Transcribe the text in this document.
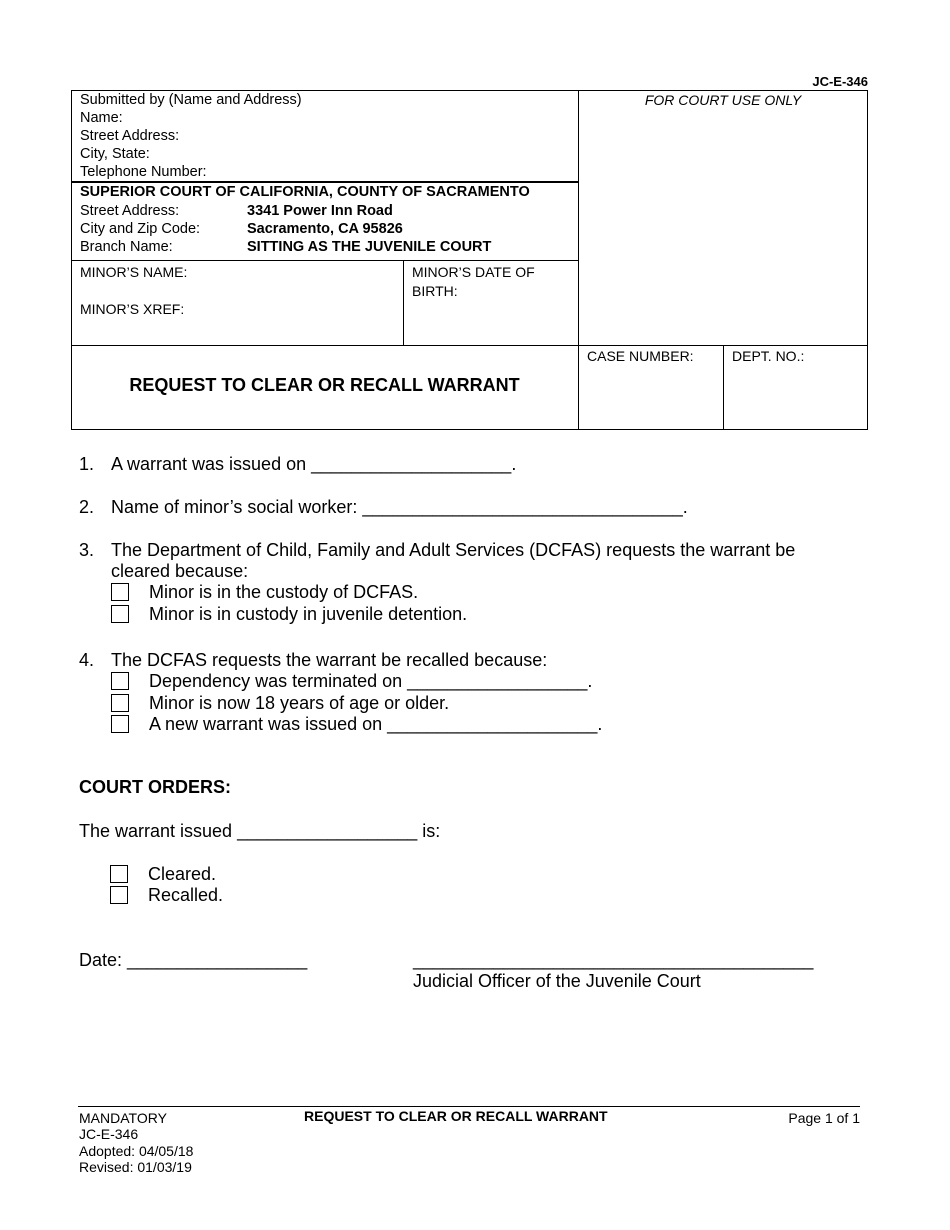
JC-E-346
Submitted by (Name and Address)
Name:
Street Address:
City, State:
Telephone Number:
SUPERIOR COURT OF CALIFORNIA, COUNTY OF SACRAMENTO
Street Address:	3341 Power Inn Road
City and Zip Code:	Sacramento, CA 95826
Branch Name:	SITTING AS THE JUVENILE COURT
MINOR’S NAME:
MINOR’S XREF:
MINOR’S DATE OF
BIRTH:
FOR COURT USE ONLY
CASE NUMBER:	DEPT. NO.:
REQUEST TO CLEAR OR RECALL WARRANT
1. A warrant was issued on ____________________.
2. Name of minor’s social worker: ________________________________.
3. The Department of Child, Family and Adult Services (DCFAS) requests the warrant be
cleared because:
Minor is in the custody of DCFAS.
Minor is in custody in juvenile detention.
4. The DCFAS requests the warrant be recalled because:
Dependency was terminated on __________________.
Minor is now 18 years of age or older.
A new warrant was issued on _____________________.
COURT ORDERS:
The warrant issued __________________ is:
Cleared.
Recalled.
Date: __________________	________________________________________
Judicial Officer of the Juvenile Court
MANDATORY
JC-E-346
Adopted: 04/05/18
Revised: 01/03/19
REQUEST TO CLEAR OR RECALL WARRANT	Page 1 of 1
